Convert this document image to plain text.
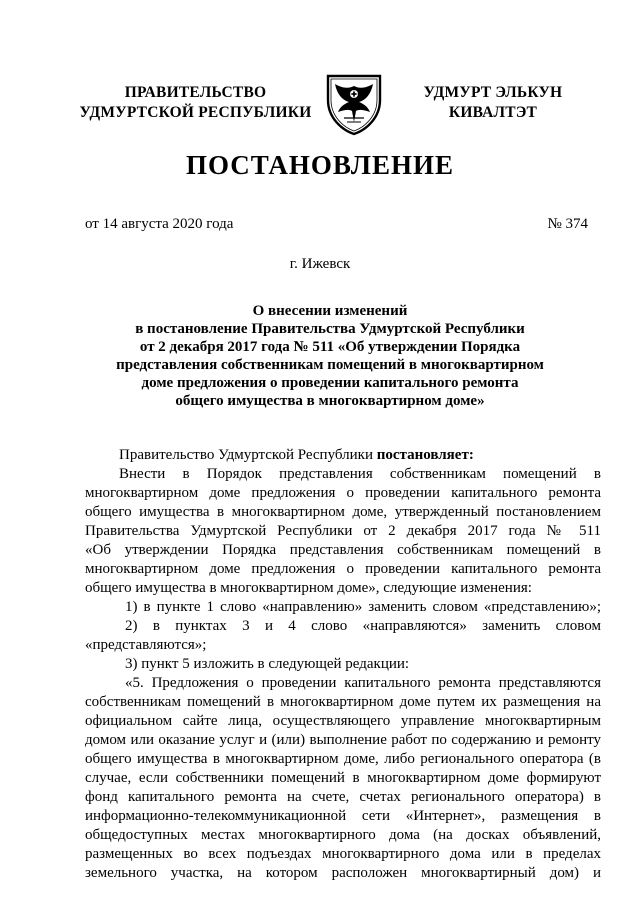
ПРАВИТЕЛЬСТВО
УДМУРТСКОЙ РЕСПУБЛИКИ
УДМУРТ ЭЛЬКУН
КИВАЛТЭТ
ПОСТАНОВЛЕНИЕ
от 14 августа 2020 года	№ 374
г. Ижевск
О внесении изменений
в постановление Правительства Удмуртской Республики
от 2 декабря 2017 года № 511 «Об утверждении Порядка
представления собственникам помещений в многоквартирном
доме предложения о проведении капитального ремонта
общего имущества в многоквартирном доме»
Правительство Удмуртской Республики постановляет:
Внести в Порядок представления собственникам помещений в
многоквартирном доме предложения о проведении капитального ремонта
общего имущества в многоквартирном доме, утвержденный постановлением
Правительства Удмуртской Республики от 2 декабря 2017 года № 511
«Об утверждении Порядка представления собственникам помещений в
многоквартирном доме предложения о проведении капитального ремонта
общего имущества в многоквартирном доме», следующие изменения:
1) в пункте 1 слово «направлению» заменить словом «представлению»;
2) в пунктах 3 и 4 слово «направляются» заменить словом
«представляются»;
3) пункт 5 изложить в следующей редакции:
«5. Предложения о проведении капитального ремонта представляются
собственникам помещений в многоквартирном доме путем их размещения на
официальном сайте лица, осуществляющего управление многоквартирным
домом или оказание услуг и (или) выполнение работ по содержанию и ремонту
общего имущества в многоквартирном доме, либо регионального оператора (в
случае, если собственники помещений в многоквартирном доме формируют
фонд капитального ремонта на счете, счетах регионального оператора) в
информационно-телекоммуникационной сети «Интернет», размещения в
общедоступных местах многоквартирного дома (на досках объявлений,
размещенных во всех подъездах многоквартирного дома или в пределах
земельного участка, на котором расположен многоквартирный дом) и
